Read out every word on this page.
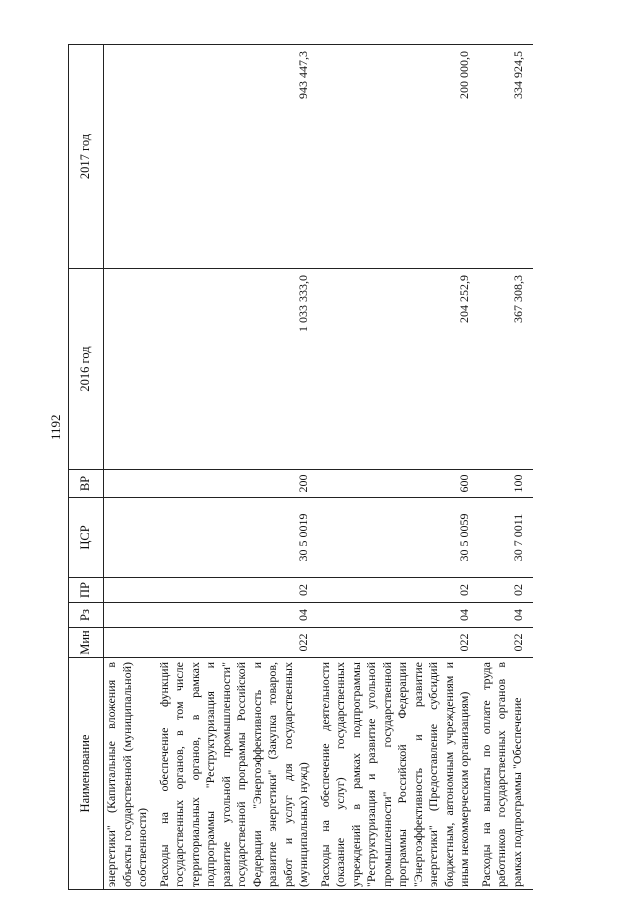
1192
Наименование	Мин	Рз	ПР	ЦСР	ВР	2016 год	2017 год
энергетики" (Капитальные вложения в объекты государственной (муниципальной) собственности)							
Расходы на обеспечение функций государственных органов, в том числе территориальных органов, в рамках подпрограммы "Реструктуризация и развитие угольной промышленности" государственной программы Российской Федерации "Энергоэффективность и развитие энергетики" (Закупка товаров, работ и услуг для государственных (муниципальных) нужд)	022	04	02	30 5 0019	200	1 033 333,0	943 447,3
Расходы на обеспечение деятельности (оказание услуг) государственных учреждений в рамках подпрограммы "Реструктуризация и развитие угольной промышленности" государственной программы Российской Федерации "Энергоэффективность и развитие энергетики" (Предоставление субсидий бюджетным, автономным учреждениям и иным некоммерческим организациям)	022	04	02	30 5 0059	600	204 252,9	200 000,0
Расходы на выплаты по оплате труда работников государственных органов в рамках подпрограммы "Обеспечение	022	04	02	30 7 0011	100	367 308,3	334 924,5
